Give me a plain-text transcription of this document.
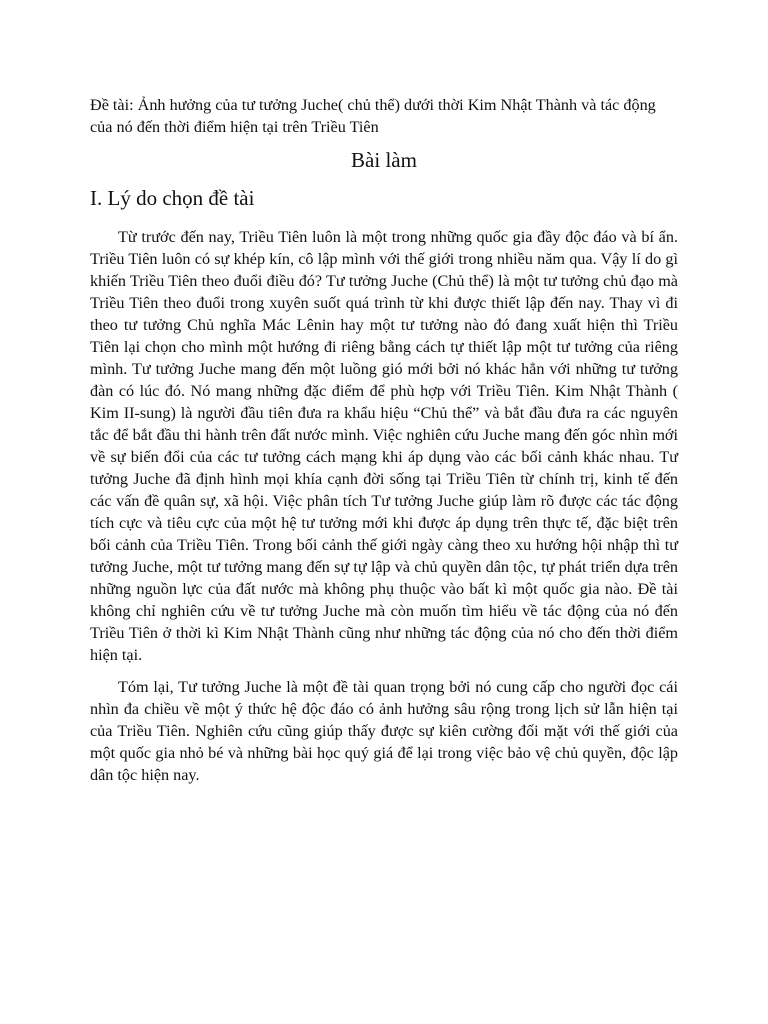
Đề tài: Ảnh hưởng của tư tưởng Juche( chủ thể) dưới thời Kim Nhật Thành và tác động của nó đến thời điểm hiện tại trên Triều Tiên

Bài làm
I. Lý do chọn đề tài

Từ trước đến nay, Triều Tiên luôn là một trong những quốc gia đầy độc đáo và bí ẩn. Triều Tiên luôn có sự khép kín, cô lập mình với thế giới trong nhiều năm qua. Vậy lí do gì khiến Triều Tiên theo đuổi điều đó? Tư tưởng Juche (Chủ thể) là một tư tưởng chủ đạo mà Triều Tiên theo đuổi trong xuyên suốt quá trình từ khi được thiết lập đến nay. Thay vì đi theo tư tưởng Chủ nghĩa Mác Lênin hay một tư tưởng nào đó đang xuất hiện thì Triều Tiên lại chọn cho mình một hướng đi riêng bằng cách tự thiết lập một tư tưởng của riêng mình. Tư tưởng Juche mang đến một luồng gió mới bởi nó khác hẳn với những tư tưởng đàn có lúc đó. Nó mang những đặc điểm để phù hợp với Triều Tiên. Kim Nhật Thành ( Kim II-sung) là người đầu tiên đưa ra khẩu hiệu “Chủ thể” và bắt đầu đưa ra các nguyên tắc để bắt đầu thi hành trên đất nước mình. Việc nghiên cứu Juche mang đến góc nhìn mới về sự biến đổi của các tư tưởng cách mạng khi áp dụng vào các bối cảnh khác nhau. Tư tưởng Juche đã định hình mọi khía cạnh đời sống tại Triều Tiên từ chính trị, kinh tế đến các vấn đề quân sự, xã hội. Việc phân tích Tư tưởng Juche giúp làm rõ được các tác động tích cực và tiêu cực của một hệ tư tưởng mới khi được áp dụng trên thực tế, đặc biệt trên bối cảnh của Triều Tiên. Trong bối cảnh thế giới ngày càng theo xu hướng hội nhập thì tư tưởng Juche, một tư tưởng mang đến sự tự lập và chủ quyền dân tộc, tự phát triển dựa trên những nguồn lực của đất nước mà không phụ thuộc vào bất kì một quốc gia nào. Đề tài không chỉ nghiên cứu về tư tưởng Juche mà còn muốn tìm hiểu về tác động của nó đến Triều Tiên ở thời kì Kim Nhật Thành cũng như những tác động của nó cho đến thời điểm hiện tại.

Tóm lại, Tư tưởng Juche là một đề tài quan trọng bởi nó cung cấp cho người đọc cái nhìn đa chiều về một ý thức hệ độc đáo có ảnh hưởng sâu rộng trong lịch sử lẫn hiện tại của Triều Tiên. Nghiên cứu cũng giúp thấy được sự kiên cường đối mặt với thế giới của một quốc gia nhỏ bé và những bài học quý giá để lại trong việc bảo vệ chủ quyền, độc lập dân tộc hiện nay.
